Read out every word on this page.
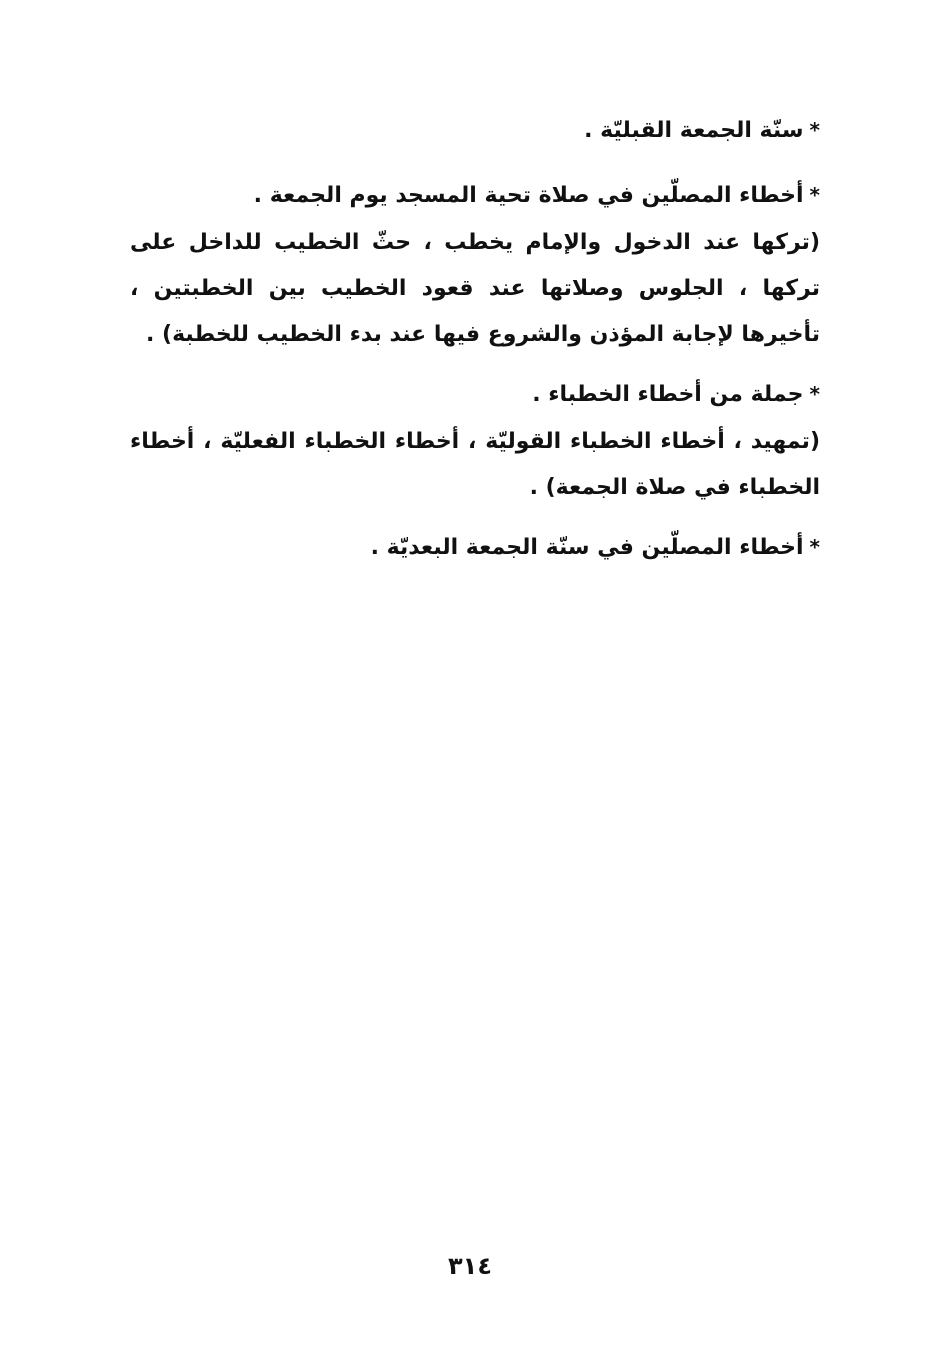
*سنّة الجمعة القبليّة .
*أخطاء المصلّين في صلاة تحية المسجد يوم الجمعة .
(تركها عند الدخول والإمام يخطب ، حثّ الخطيب للداخل على تركها ، الجلوس وصلاتها عند قعود الخطيب بين الخطبتين ، تأخيرها لإجابة المؤذن والشروع فيها عند بدء الخطيب للخطبة) .
*جملة من أخطاء الخطباء .
(تمهيد ، أخطاء الخطباء القوليّة ، أخطاء الخطباء الفعليّة ، أخطاء الخطباء في صلاة الجمعة) .
*أخطاء المصلّين في سنّة الجمعة البعديّة .
٣١٤
